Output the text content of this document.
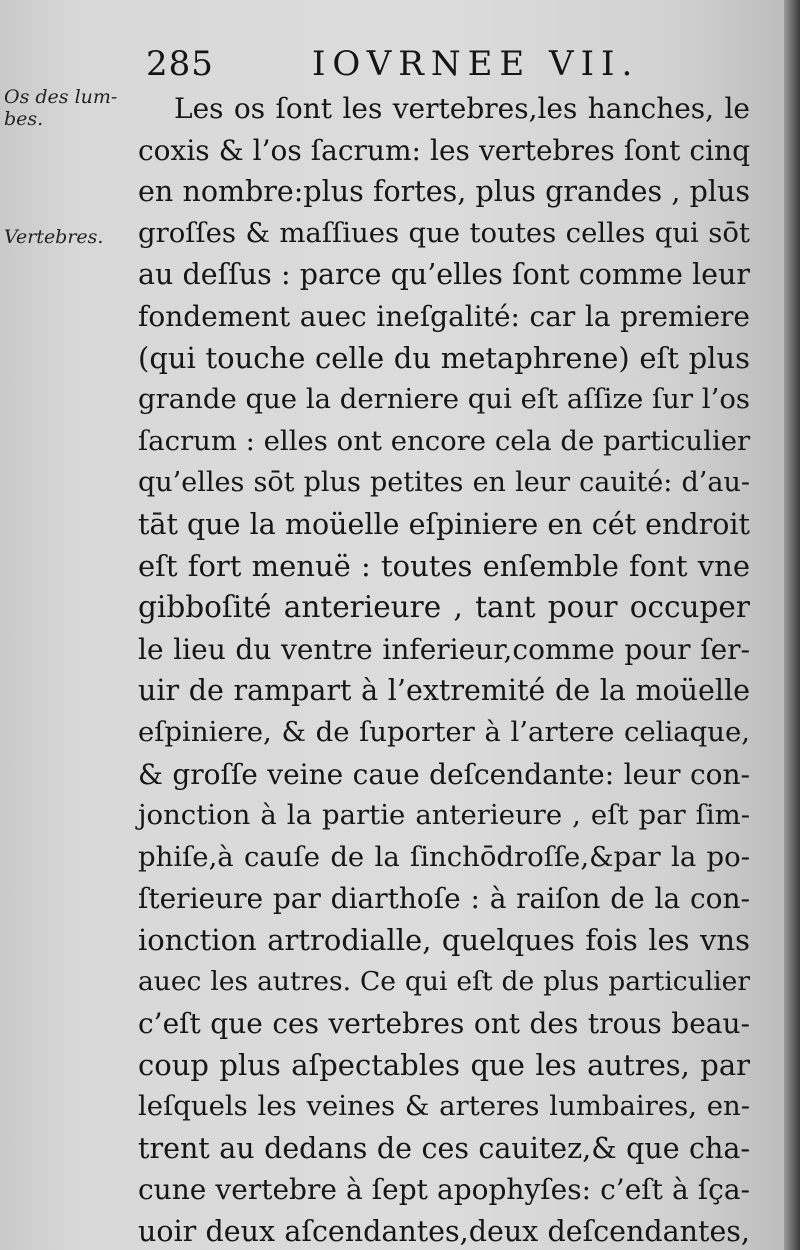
285	IOVRNEE VII.
Os des lum-
bes.
Vertebres.
Les os ſont les vertebres,les hanches, le
coxis & l’os ſacrum: les vertebres ſont cinq
en nombre:plus fortes, plus grandes , plus
groſſes & maſſiues que toutes celles qui sōt
au deſſus : parce qu’elles ſont comme leur
fondement auec ineſgalité: car la premiere
(qui touche celle du metaphrene) eſt plus
grande que la derniere qui eſt aſſize ſur l’os
ſacrum : elles ont encore cela de particulier
qu’elles sōt plus petites en leur cauité: d’au-
tāt que la moüelle eſpiniere en cét endroit
eſt fort menuë : toutes enſemble font vne
gibboſité anterieure , tant pour occuper
le lieu du ventre inferieur,comme pour ſer-
uir de rampart à l’extremité de la moüelle
eſpiniere, & de ſuporter à l’artere celiaque,
& groſſe veine caue deſcendante: leur con-
jonction à la partie anterieure , eſt par ſim-
phiſe,à cauſe de la ſinchōdroſſe,&par la po-
ſterieure par diarthoſe : à raiſon de la con-
ionction artrodialle, quelques fois les vns
auec les autres. Ce qui eſt de plus particulier
c’eſt que ces vertebres ont des trous beau-
coup plus aſpectables que les autres, par
leſquels les veines & arteres lumbaires, en-
trent au dedans de ces cauitez,& que cha-
cune vertebre à ſept apophyſes: c’eſt à ſça-
uoir deux aſcendantes,deux deſcendantes,
